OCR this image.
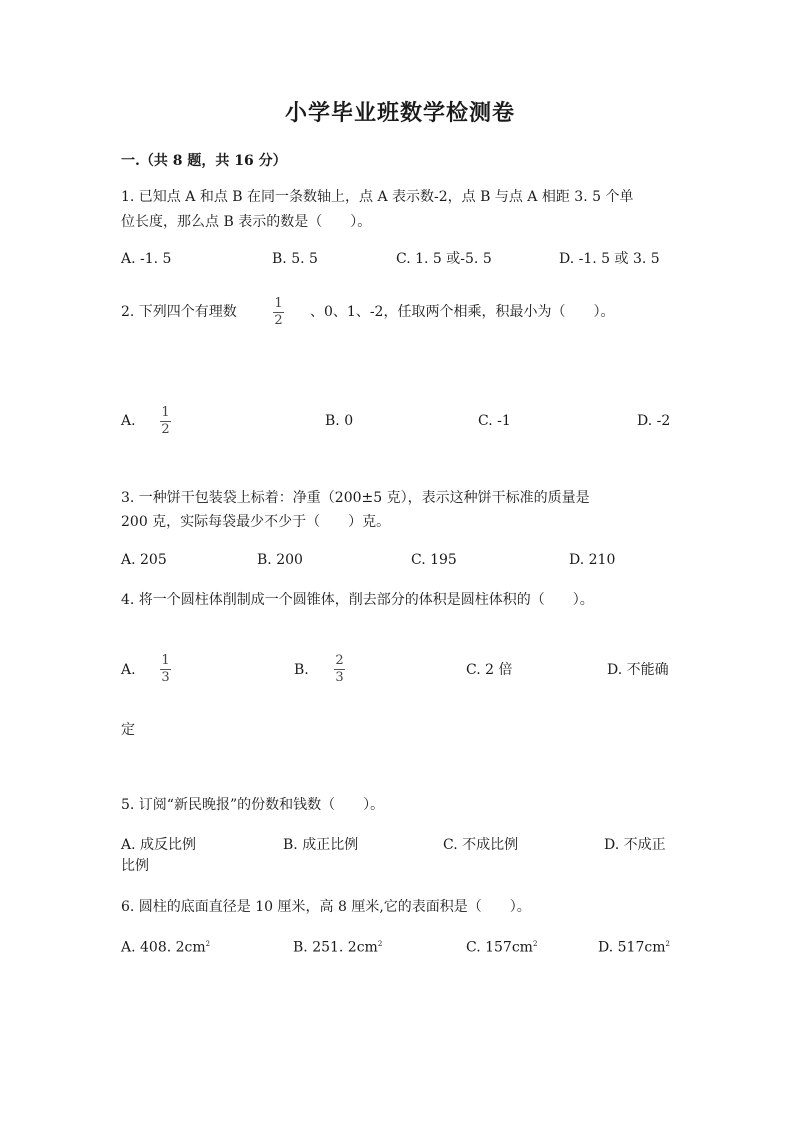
小学毕业班数学检测卷
一.（共 8 题，共 16 分）
1. 已知点 A 和点 B 在同一条数轴上，点 A 表示数-2，点 B 与点 A 相距 3. 5 个单
位长度，那么点 B 表示的数是（　　）。
A. -1. 5	B. 5. 5	C. 1. 5 或-5. 5	D. -1. 5 或 3. 5
2. 下列四个有理数
1
2
、0、1、-2，任取两个相乘，积最小为（　　）。
A.
1
2
B. 0	C. -1	D. -2
3. 一种饼干包装袋上标着：净重（200±5 克），表示这种饼干标准的质量是
200 克，实际每袋最少不少于（　　）克。
A. 205	B. 200	C. 195	D. 210
4. 将一个圆柱体削制成一个圆锥体，削去部分的体积是圆柱体积的（　　）。
A.
1
3	B.
2
3	C. 2 倍	D. 不能确
定
5. 订阅“新民晚报”的份数和钱数（　　）。
A. 成反比例	B. 成正比例	C. 不成比例	D. 不成正
比例
6. 圆柱的底面直径是 10 厘米，高 8 厘米,它的表面积是（　　）。
A. 408. $2cm^2$	B. 251. $2cm^2$	C. $157cm^2$	D. $517cm^2$
